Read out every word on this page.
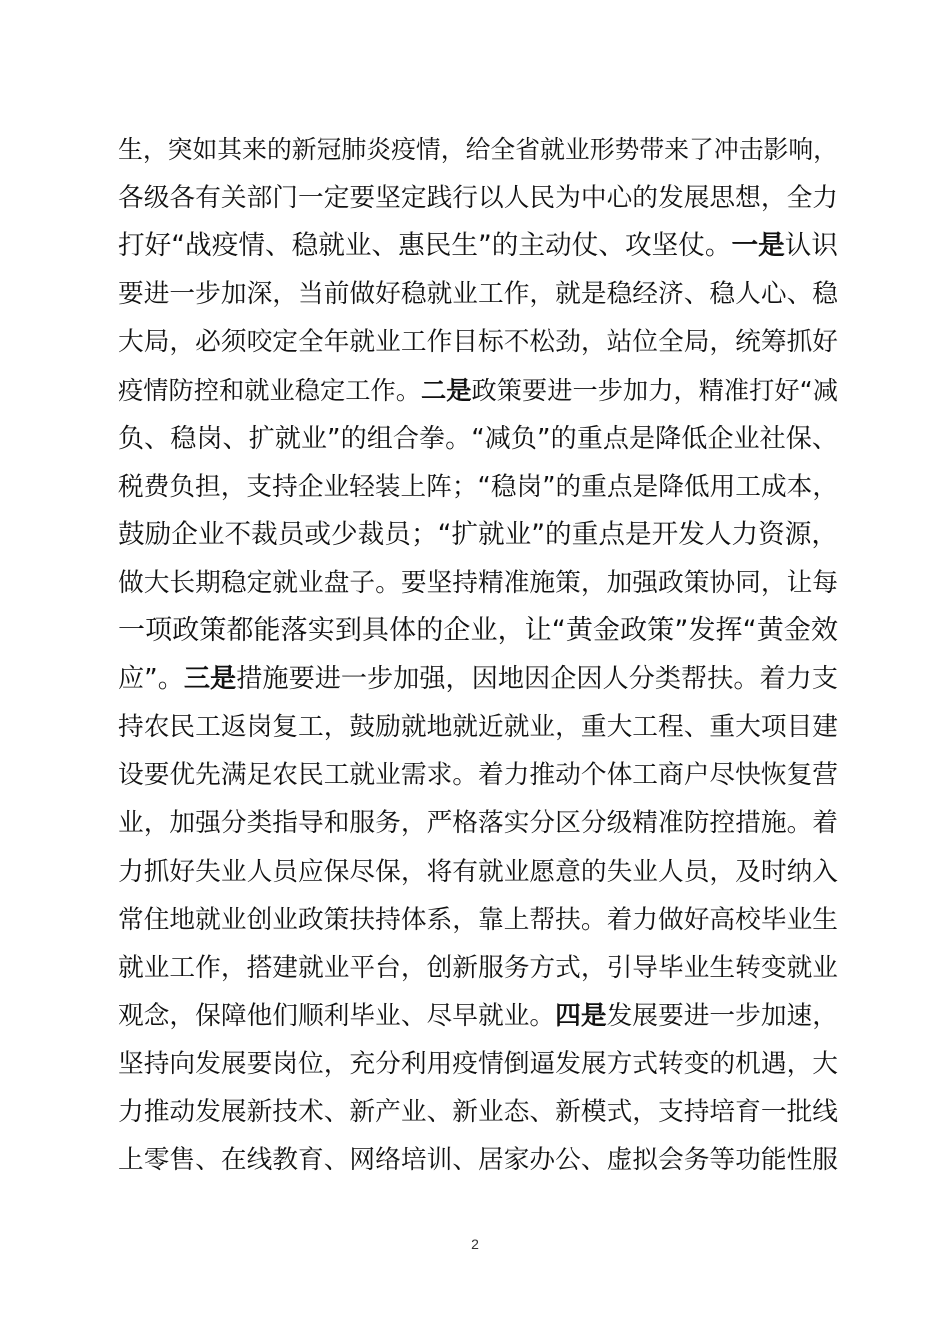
生，突如其来的新冠肺炎疫情，给全省就业形势带来了冲击影响，
各级各有关部门一定要坚定践行以人民为中心的发展思想，全力
打好“战疫情、稳就业、惠民生”的主动仗、攻坚仗。一是认识
要进一步加深，当前做好稳就业工作，就是稳经济、稳人心、稳
大局，必须咬定全年就业工作目标不松劲，站位全局，统筹抓好
疫情防控和就业稳定工作。二是政策要进一步加力，精准打好“减
负、稳岗、扩就业”的组合拳。“减负”的重点是降低企业社保、
税费负担，支持企业轻装上阵；“稳岗”的重点是降低用工成本，
鼓励企业不裁员或少裁员；“扩就业”的重点是开发人力资源，
做大长期稳定就业盘子。要坚持精准施策，加强政策协同，让每
一项政策都能落实到具体的企业，让“黄金政策”发挥“黄金效
应”。三是措施要进一步加强，因地因企因人分类帮扶。着力支
持农民工返岗复工，鼓励就地就近就业，重大工程、重大项目建
设要优先满足农民工就业需求。着力推动个体工商户尽快恢复营
业，加强分类指导和服务，严格落实分区分级精准防控措施。着
力抓好失业人员应保尽保，将有就业愿意的失业人员，及时纳入
常住地就业创业政策扶持体系，靠上帮扶。着力做好高校毕业生
就业工作，搭建就业平台，创新服务方式，引导毕业生转变就业
观念，保障他们顺利毕业、尽早就业。四是发展要进一步加速，
坚持向发展要岗位，充分利用疫情倒逼发展方式转变的机遇，大
力推动发展新技术、新产业、新业态、新模式，支持培育一批线
上零售、在线教育、网络培训、居家办公、虚拟会务等功能性服
2
